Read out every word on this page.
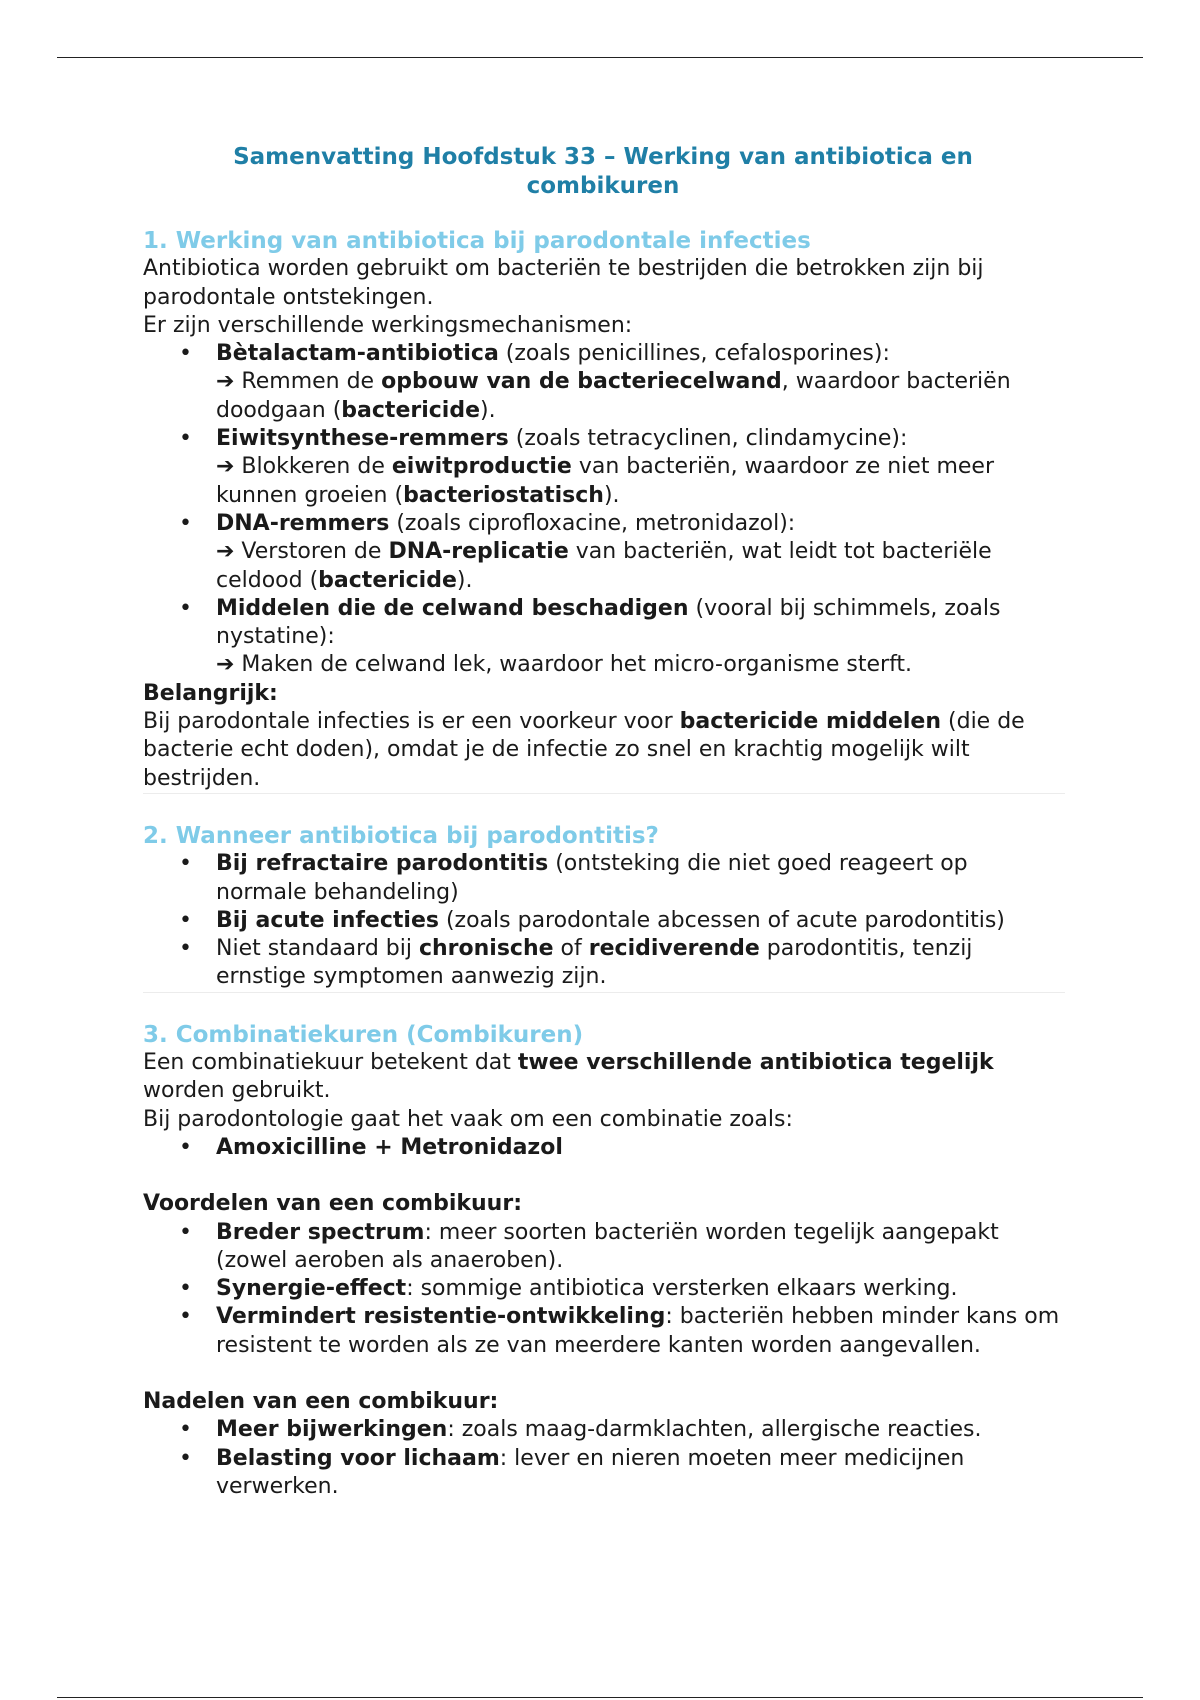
Samenvatting Hoofdstuk 33 – Werking van antibiotica en combikuren

1. Werking van antibiotica bij parodontale infecties

Antibiotica worden gebruikt om bacteriën te bestrijden die betrokken zijn bij parodontale ontstekingen.

Er zijn verschillende werkingsmechanismen:

• Bètalactam-antibiotica (zoals penicillines, cefalosporines):
➔ Remmen de opbouw van de bacteriecelwand, waardoor bacteriën doodgaan (bactericide).
• Eiwitsynthese-remmers (zoals tetracyclinen, clindamycine):
➔ Blokkeren de eiwitproductie van bacteriën, waardoor ze niet meer kunnen groeien (bacteriostatisch).
• DNA-remmers (zoals ciprofloxacine, metronidazol):
➔ Verstoren de DNA-replicatie van bacteriën, wat leidt tot bacteriële celdood (bactericide).
• Middelen die de celwand beschadigen (vooral bij schimmels, zoals nystatine):
➔ Maken de celwand lek, waardoor het micro-organisme sterft.

Belangrijk:

Bij parodontale infecties is er een voorkeur voor bactericide middelen (die de bacterie echt doden), omdat je de infectie zo snel en krachtig mogelijk wilt bestrijden.

2. Wanneer antibiotica bij parodontitis?

• Bij refractaire parodontitis (ontsteking die niet goed reageert op normale behandeling)
• Bij acute infecties (zoals parodontale abcessen of acute parodontitis)
• Niet standaard bij chronische of recidiverende parodontitis, tenzij ernstige symptomen aanwezig zijn.

3. Combinatiekuren (Combikuren)

Een combinatiekuur betekent dat twee verschillende antibiotica tegelijk worden gebruikt.

Bij parodontologie gaat het vaak om een combinatie zoals:

• Amoxicilline + Metronidazol

Voordelen van een combikuur:

• Breder spectrum: meer soorten bacteriën worden tegelijk aangepakt (zowel aeroben als anaeroben).
• Synergie-effect: sommige antibiotica versterken elkaars werking.
• Vermindert resistentie-ontwikkeling: bacteriën hebben minder kans om resistent te worden als ze van meerdere kanten worden aangevallen.

Nadelen van een combikuur:

• Meer bijwerkingen: zoals maag-darmklachten, allergische reacties.
• Belasting voor lichaam: lever en nieren moeten meer medicijnen verwerken.
